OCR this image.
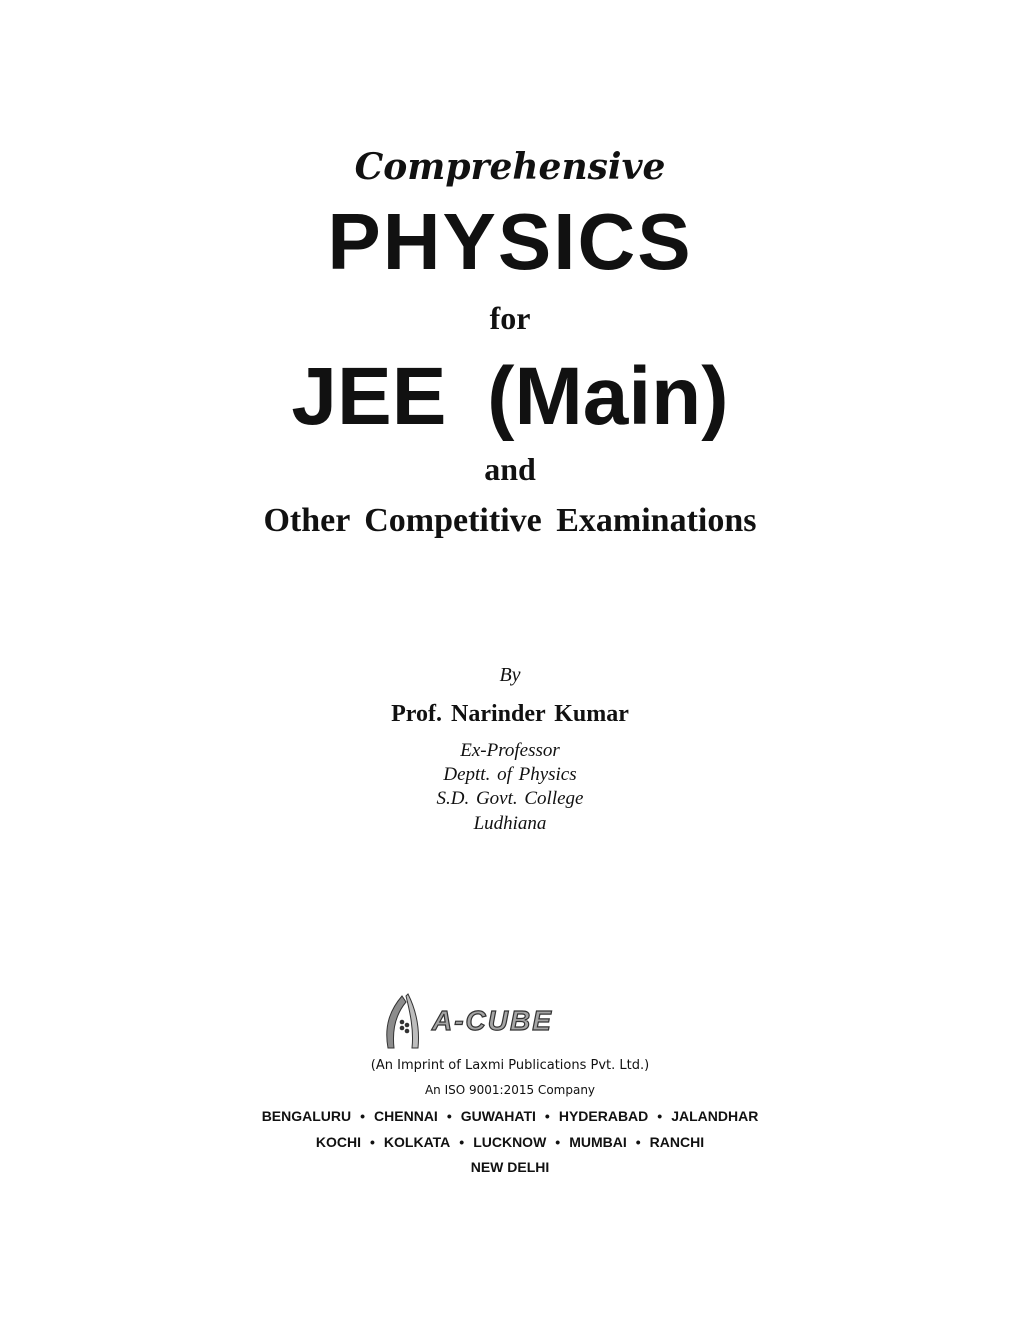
Comprehensive
PHYSICS
for
JEE (Main)
and
Other Competitive Examinations
By
Prof. Narinder Kumar
Ex-Professor
Deptt. of Physics
S.D. Govt. College
Ludhiana
A-CUBE
(An Imprint of Laxmi Publications Pvt. Ltd.)
An ISO 9001:2015 Company
BENGALURU • CHENNAI • GUWAHATI • HYDERABAD • JALANDHAR
KOCHI • KOLKATA • LUCKNOW • MUMBAI • RANCHI
NEW DELHI
